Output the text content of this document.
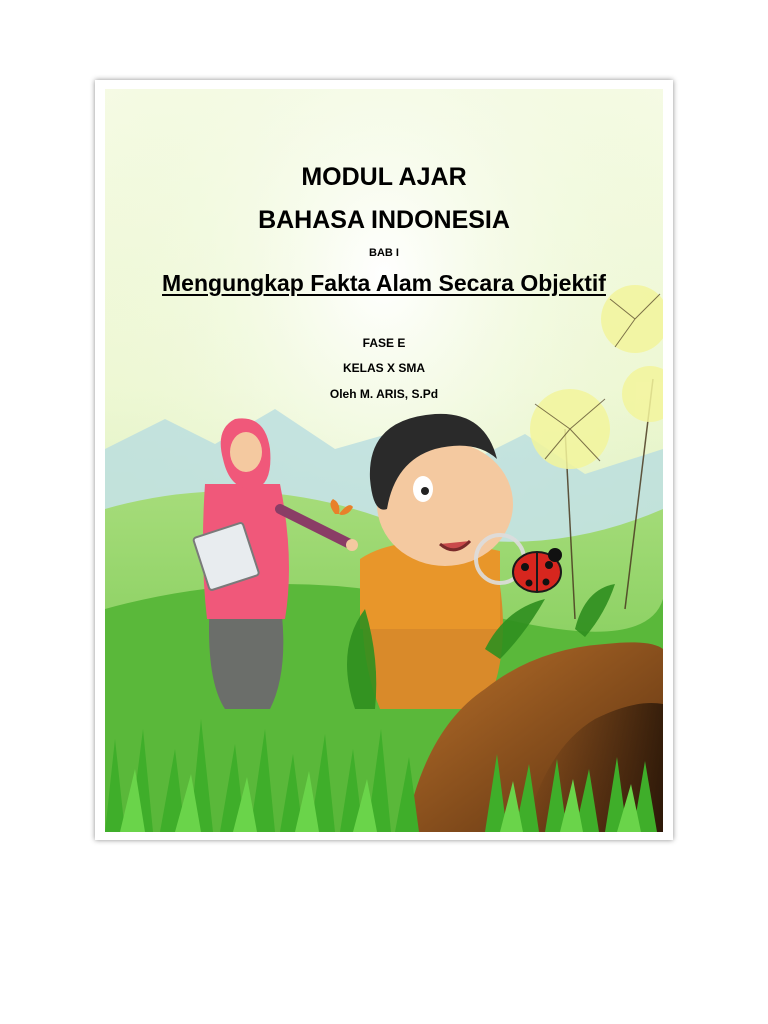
MODUL AJAR
BAHASA INDONESIA
BAB I
Mengungkap Fakta Alam Secara Objektif
FASE E
KELAS X SMA
Oleh M. ARIS, S.Pd
